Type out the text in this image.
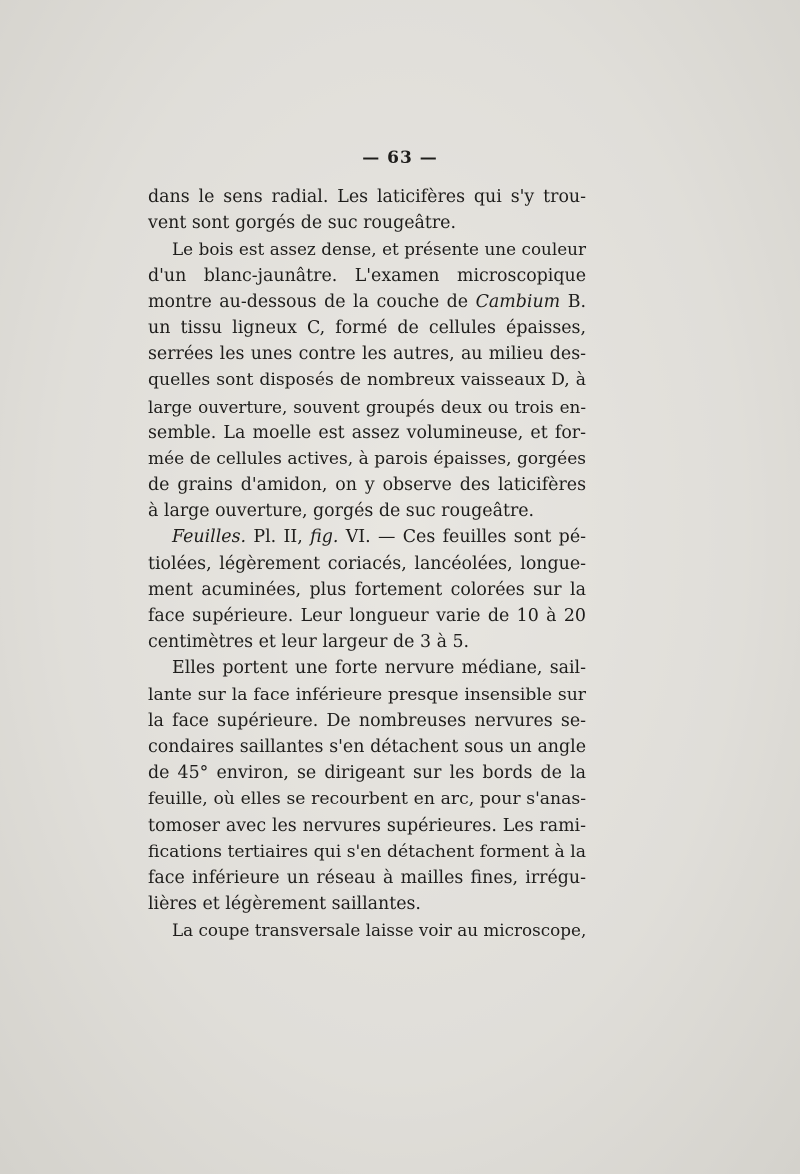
— 63 —
dans le sens radial. Les laticifères qui s'y trou-
vent sont gorgés de suc rougeâtre.
Le bois est assez dense, et présente une couleur
d'un blanc-jaunâtre. L'examen microscopique
montre au-dessous de la couche de Cambium B.
un tissu ligneux C, formé de cellules épaisses,
serrées les unes contre les autres, au milieu des-
quelles sont disposés de nombreux vaisseaux D, à
large ouverture, souvent groupés deux ou trois en-
semble. La moelle est assez volumineuse, et for-
mée de cellules actives, à parois épaisses, gorgées
de grains d'amidon, on y observe des laticifères
à large ouverture, gorgés de suc rougeâtre.
Feuilles. Pl. II, fig. VI. — Ces feuilles sont pé-
tiolées, légèrement coriacés, lancéolées, longue-
ment acuminées, plus fortement colorées sur la
face supérieure. Leur longueur varie de 10 à 20
centimètres et leur largeur de 3 à 5.
Elles portent une forte nervure médiane, sail-
lante sur la face inférieure presque insensible sur
la face supérieure. De nombreuses nervures se-
condaires saillantes s'en détachent sous un angle
de 45° environ, se dirigeant sur les bords de la
feuille, où elles se recourbent en arc, pour s'anas-
tomoser avec les nervures supérieures. Les rami-
fications tertiaires qui s'en détachent forment à la
face inférieure un réseau à mailles fines, irrégu-
lières et légèrement saillantes.
La coupe transversale laisse voir au microscope,
